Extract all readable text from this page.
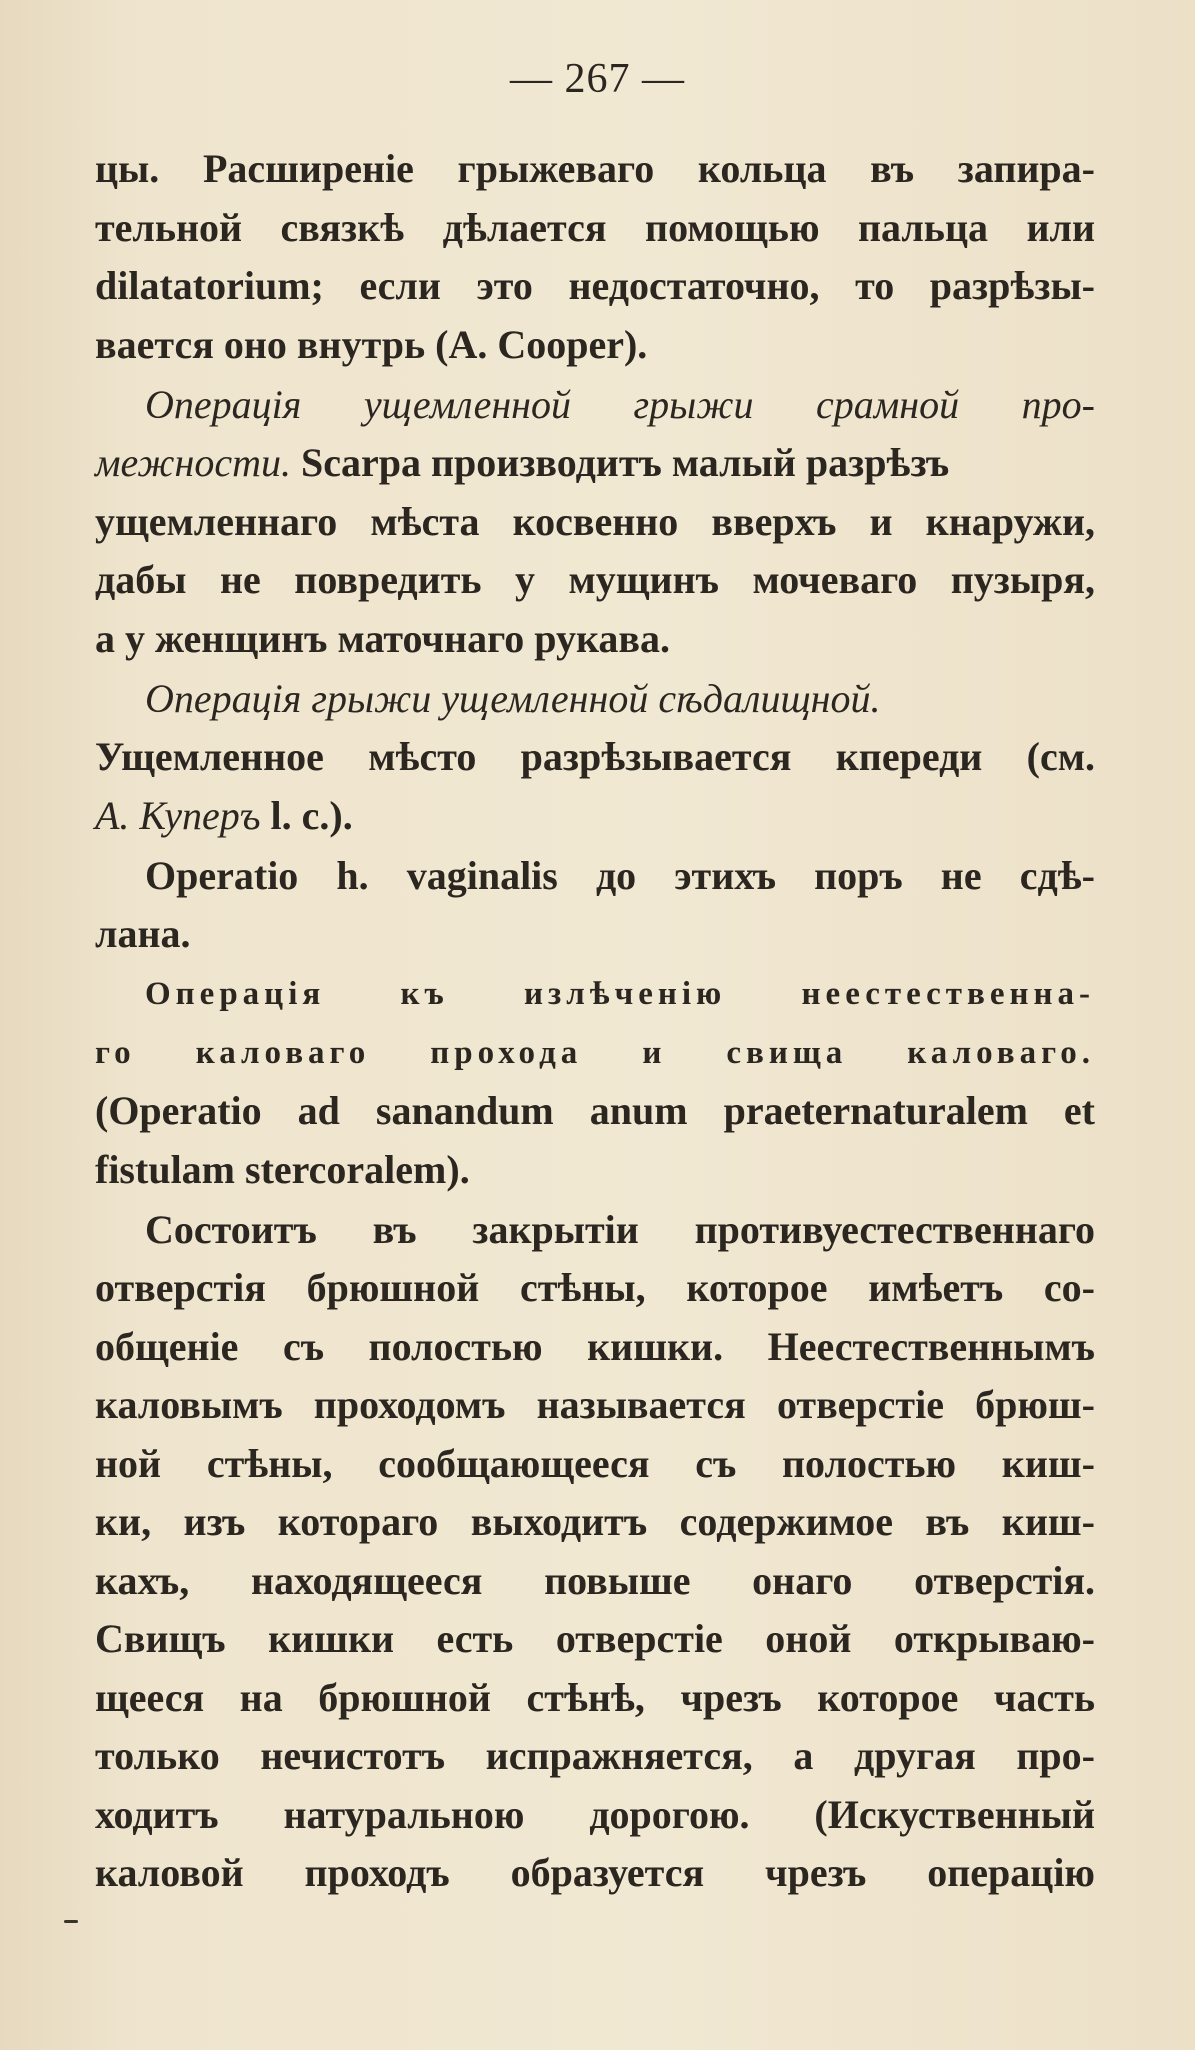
— 267 —
цы. Расширенiе грыжеваго кольца въ запира-
тельной связкѣ дѣлается помощью пальца или
dilatatorium; если это недостаточно, то разрѣзы-
вается оно внутрь (А. Cooper).
Операцiя ущемленной грыжи срамной про-
межности. Scarpa производитъ малый разрѣзъ
ущемленнаго мѣста косвенно вверхъ и кнаружи,
дабы не повредить у мущинъ мочеваго пузыря,
а у женщинъ маточнаго рукава.
Операцiя грыжи ущемленной сѣдалищной.
Ущемленное мѣсто разрѣзывается кпереди (см.
А. Куперъ l. c.).
Operatio h. vaginalis до этихъ поръ не сдѣ-
лана.
Операцiя къ излѣченiю неестественна-
го каловаго прохода и свища каловаго.
(Operatio ad sanandum anum praeternaturalem et
fistulam stercoralem).
Состоитъ въ закрытiи противуестественнаго
отверстiя брюшной стѣны, которое имѣетъ со-
общенiе съ полостью кишки. Неестественнымъ
каловымъ проходомъ называется отверстiе брюш-
ной стѣны, сообщающееся съ полостью киш-
ки, изъ котораго выходитъ содержимое въ киш-
кахъ, находящееся повыше онаго отверстiя.
Свищъ кишки есть отверстiе оной открываю-
щееся на брюшной стѣнѣ, чрезъ которое часть
только нечистотъ испражняется, а другая про-
ходитъ натуральною дорогою. (Искуственный
каловой проходъ образуется чрезъ операцiю
